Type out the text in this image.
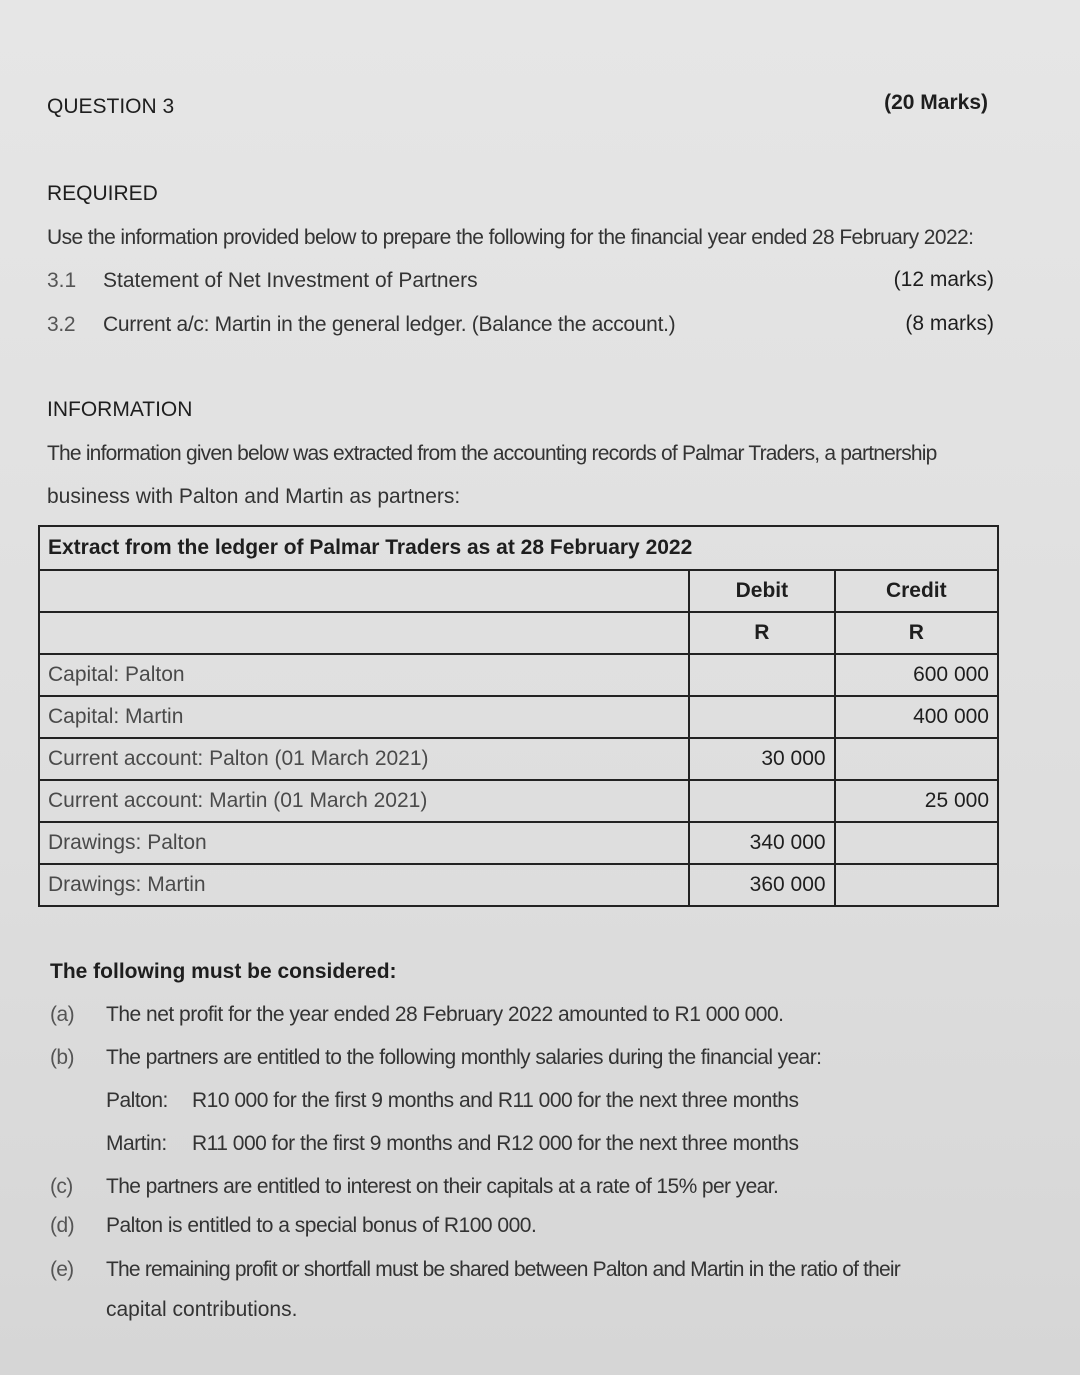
QUESTION 3	(20 Marks)
REQUIRED
Use the information provided below to prepare the following for the financial year ended 28 February 2022:
3.1 Statement of Net Investment of Partners	(12 marks)
3.2 Current a/c: Martin in the general ledger. (Balance the account.)	(8 marks)
INFORMATION
The information given below was extracted from the accounting records of Palmar Traders, a partnership
business with Palton and Martin as partners:
Extract from the ledger of Palmar Traders as at 28 February 2022		
	Debit	Credit
	R	R
Capital: Palton		600 000
Capital: Martin		400 000
Current account: Palton (01 March 2021)	30 000	
Current account: Martin (01 March 2021)		25 000
Drawings: Palton	340 000	
Drawings: Martin	360 000	
The following must be considered:
(a) The net profit for the year ended 28 February 2022 amounted to R1 000 000.
(b) The partners are entitled to the following monthly salaries during the financial year:
Palton: R10 000 for the first 9 months and R11 000 for the next three months
Martin: R11 000 for the first 9 months and R12 000 for the next three months
(c) The partners are entitled to interest on their capitals at a rate of 15% per year.
(d) Palton is entitled to a special bonus of R100 000.
(e) The remaining profit or shortfall must be shared between Palton and Martin in the ratio of their
capital contributions.
